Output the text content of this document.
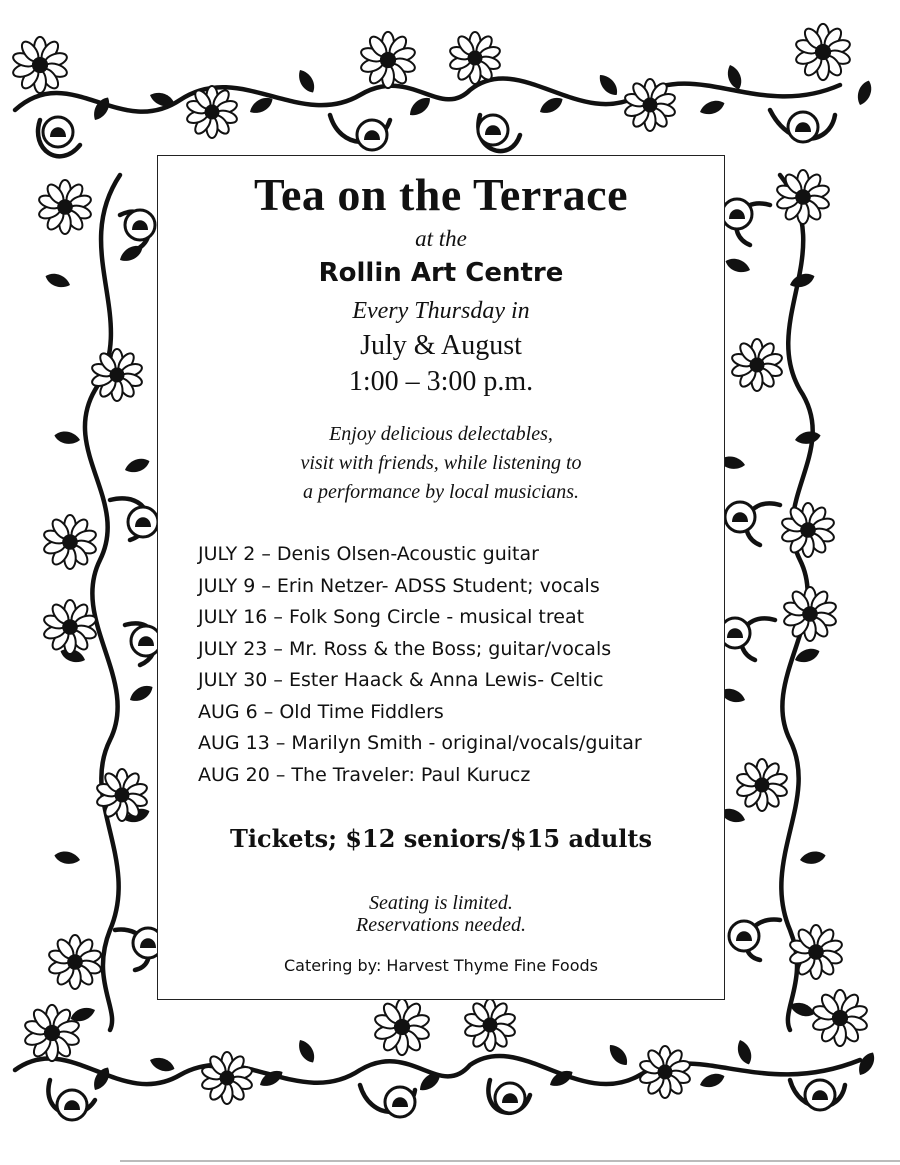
Tea on the Terrace
at the
Rollin Art Centre
Every Thursday in
July & August
1:00 – 3:00 p.m.
Enjoy delicious delectables,
visit with friends, while listening to
a performance by local musicians.
JULY 2 – Denis Olsen-Acoustic guitar
JULY 9 – Erin Netzer- ADSS Student; vocals
JULY 16 – Folk Song Circle - musical treat
JULY 23 – Mr. Ross & the Boss; guitar/vocals
JULY 30 – Ester Haack & Anna Lewis- Celtic
AUG 6 – Old Time Fiddlers
AUG 13 – Marilyn Smith - original/vocals/guitar
AUG 20 – The Traveler: Paul Kurucz
Tickets; $12 seniors/$15 adults
Seating is limited.
Reservations needed.
Catering by: Harvest Thyme Fine Foods
